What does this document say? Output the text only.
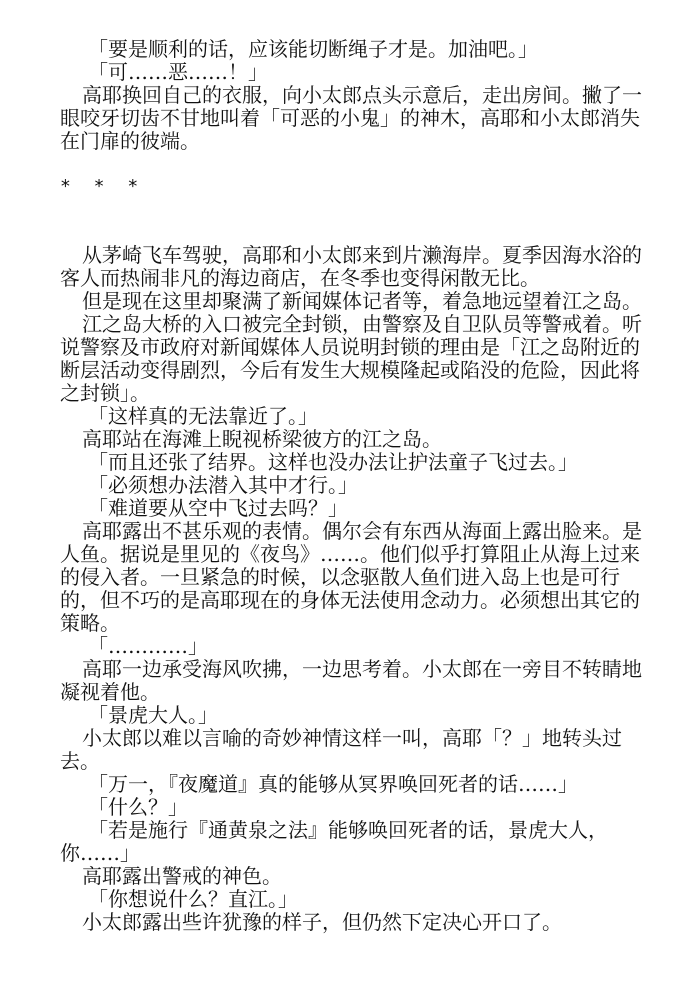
「要是顺利的话，应该能切断绳子才是。加油吧。」
「可……恶……！」
高耶换回自己的衣服，向小太郎点头示意后，走出房间。撇了一
眼咬牙切齿不甘地叫着「可恶的小鬼」的神木，高耶和小太郎消失
在门扉的彼端。
* * *
从茅崎飞车驾驶，高耶和小太郎来到片濑海岸。夏季因海水浴的
客人而热闹非凡的海边商店，在冬季也变得闲散无比。
但是现在这里却聚满了新闻媒体记者等，着急地远望着江之岛。
江之岛大桥的入口被完全封锁，由警察及自卫队员等警戒着。听
说警察及市政府对新闻媒体人员说明封锁的理由是「江之岛附近的
断层活动变得剧烈，今后有发生大规模隆起或陷没的危险，因此将
之封锁」。
「这样真的无法靠近了。」
高耶站在海滩上睨视桥梁彼方的江之岛。
「而且还张了结界。这样也没办法让护法童子飞过去。」
「必须想办法潜入其中才行。」
「难道要从空中飞过去吗？」
高耶露出不甚乐观的表情。偶尔会有东西从海面上露出脸来。是
人鱼。据说是里见的《夜鸟》……。他们似乎打算阻止从海上过来
的侵入者。一旦紧急的时候，以念驱散人鱼们进入岛上也是可行
的，但不巧的是高耶现在的身体无法使用念动力。必须想出其它的
策略。
「…………」
高耶一边承受海风吹拂，一边思考着。小太郎在一旁目不转睛地
凝视着他。
「景虎大人。」
小太郎以难以言喻的奇妙神情这样一叫，高耶「？」地转头过
去。
「万一，『夜魔道』真的能够从冥界唤回死者的话……」
「什么？」
「若是施行『通黄泉之法』能够唤回死者的话，景虎大人，
你……」
高耶露出警戒的神色。
「你想说什么？直江。」
小太郎露出些许犹豫的样子，但仍然下定决心开口了。
